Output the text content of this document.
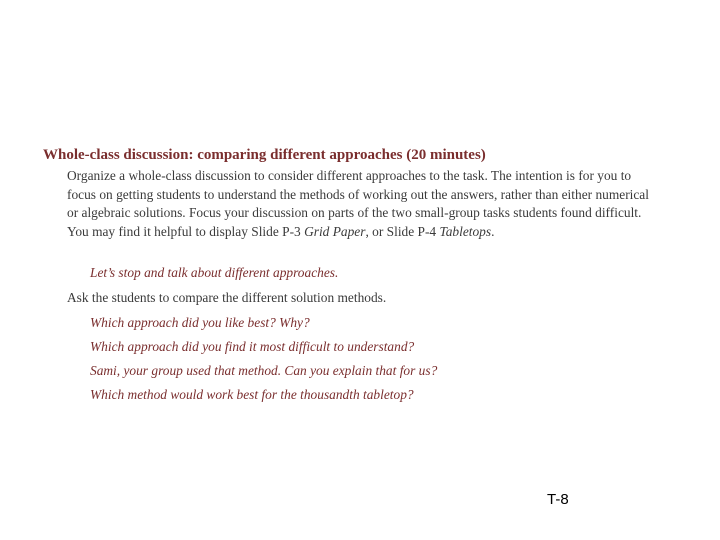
Whole-class discussion: comparing different approaches (20 minutes)
Organize a whole-class discussion to consider different approaches to the task. The intention is for you to focus on getting students to understand the methods of working out the answers, rather than either numerical or algebraic solutions. Focus your discussion on parts of the two small-group tasks students found difficult. You may find it helpful to display Slide P-3 Grid Paper, or Slide P-4 Tabletops.
Let’s stop and talk about different approaches.
Ask the students to compare the different solution methods.
Which approach did you like best? Why?
Which approach did you find it most difficult to understand?
Sami, your group used that method. Can you explain that for us?
Which method would work best for the thousandth tabletop?
T-8
